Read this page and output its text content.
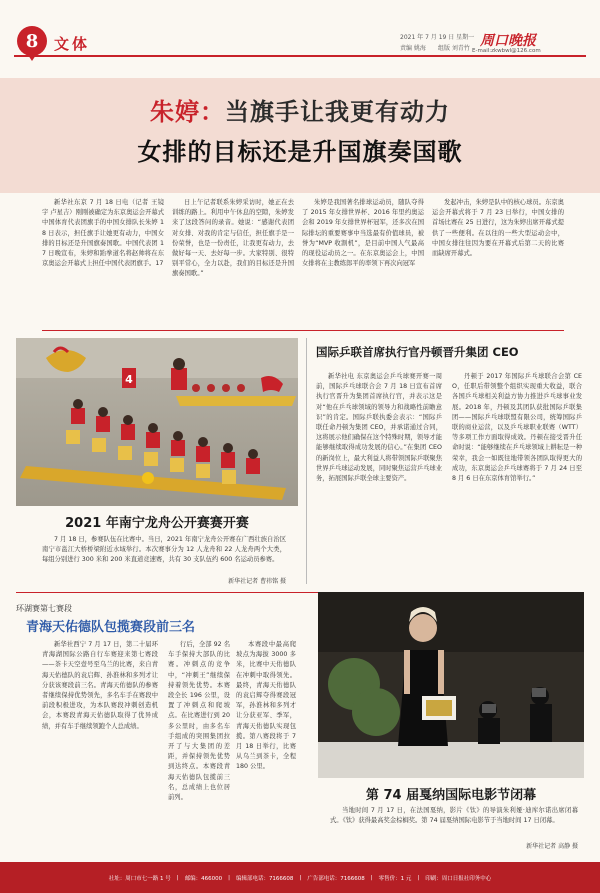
8	文体	2021 年 7 月 19 日 星期一
责编 姚海 组版 刘青竹 周口晚报
E-mail:zkwbwl@126.com
朱婷：当旗手让我更有动力
女排的目标还是升国旗奏国歌

新华社东京 7 月 18 日电（记者 王镜宇 卢星吉）刚刚被确定为东京奥运会开幕式中国体育代表团旗手的中国女排队长朱婷 18 日表示，担任旗手让她更有动力，中国女排的目标还是升国旗奏国歌。中国代表团 17 日晚宣布，朱婷和跆拳道名将赵帅将在东京奥运会开幕式上担任中国代表团旗手。17

日上午记者联系朱婷采访时，她正在去训练的路上。利用中午休息的空隙，朱婷发来了这段答问的录音。她说：“感谢代表团对女排、对我的肯定与信任，担任旗手是一份荣誉，也是一份责任，让我更有动力，去做好每一天、去好每一步。大家特别、很特别平常心，全力以赴，我们的目标还是升国旗奏国歌。”

朱婷是我国著名排球运动员，随队夺得了 2015 年女排世界杯、2016 年里约奥运会和 2019 年女排世界杯冠军，还多次在国际排坛的重要赛事中当选最有价值球员，被誉为“MVP 收割机”，是目前中国人气最高的现役运动员之一。在东京奥运会上，中国女排将在主教练郎平的率领下再次向冠军

发起冲击，朱婷是队中的核心球员。东京奥运会开幕式将于 7 月 23 日举行，中国女排的首场比赛在 25 日进行，这为朱婷出席开幕式提供了一些便利。在以往的一些大型运动会中，中国女排往往因为要在开幕式后第二天的比赛而缺席开幕式。

4
2021 年南宁龙舟公开赛赛开赛

7 月 18 日，参赛队伍在比赛中。当日，2021 年南宁龙舟公开赛在广西壮族自治区南宁市邕江大桥桥梁附近水域举行。本次赛事分为 12 人龙舟和 22 人龙舟两个大类，每组分别进行 300 米和 200 米直道竞速赛，共有 30 支队伍约 600 名运动员参赛。

新华社记者 曹祎铭 摄
国际乒联首席执行官丹顿晋升集团 CEO

新华社电 东京奥运会乒乓球赛开赛一周前，国际乒乓球联合会 7 月 18 日宣布首席执行官晋升为集团首席执行官，并表示这是对“他在乒乓球领域的领导力和战略性前瞻意识”的肯定。国际乒联执委会表示：“国际乒联任命丹顿为集团 CEO，并承诺通过合同，这将展示他们确保在这个特殊时期，领导才能能够继续取得成功发展的信心。”在集团 CEO 的新岗位上，最大利益人将带领国际乒联聚焦世界乒乓球运动发展，同时聚焦运营乒乓球业务，拓展国际乒联全球主要资产。

丹顿于 2017 年国际乒乓球联合会第 CEO，任职后带领整个组织实现重大收益，联合各国乒乓球相关利益方协力推进乒乓球事业发展。2018 年，丹顿及其团队获批国际乒联集团——国际乒乓球联盟有限公司，统筹国际乒联的商业运营，以及乒乓球职业联赛（WTT）等多项工作方面取得成效。丹顿在接受晋升任命时说：“能够继续在乒乓球领域上耕耘是一种荣幸，我会一如既往地带领各团队取得更大的成功，东京奥运会乒乓球赛将于 7 月 24 日至 8 月 6 日在东京体育馆举行。”

环湖赛第七赛段
青海天佑德队包揽赛段前三名

新华社西宁 7 月 17 日，第二十届环青海湖国际公路自行车赛迎来第七赛段——茶卡天空壹号至乌兰的比赛，来自青海天佑德队的袁启辉、孙淮林和多列才让分获该赛段前三名。青海天佑德队的参赛者继续保持优势领先，多名车手在赛段中前段积极进攻，为本队赛段冲刺创造机会，本赛段青海天佑德队取得了优异成绩，并有车手继续领跑个人总成绩。

行后，全部 92 名车手保持大部队的比赛。冲刺点的竞争中，“冲刺王”继续保持着领先优势。本赛段全长 196 公里，设置了冲刺点和爬坡点。在比赛进行到 20 多公里时，由多名车手组成的突围集团拉开了与大集团的差距，并保持领先优势到达终点。本赛段青海天佑德队包揽前三名，总成绩上也位居前列。

本赛段中最高爬坡点为海拔 3000 多米，比赛中天佑德队在冲刺中取得领先。最终，青海天佑德队的袁启辉夺得赛段冠军，孙淮林和多列才让分获亚军、季军，青海天佑德队实现包揽。第八赛段将于 7 月 18 日举行，比赛从乌兰到茶卡，全程 180 公里。

第 74 届戛纳国际电影节闭幕

当地时间 7 月 17 日，在法国戛纳，影片《钛》的导演朱利娅·迪库尔诺出席闭幕式。《钛》获得最高奖金棕榈奖。第 74 届戛纳国际电影节于当地时间 17 日闭幕。

新华社记者 高静 摄
社址：周口市七一路 1 号 | 邮编：466000 | 编辑部电话：7166608 | 广告部电话：7166608 | 零售价：1 元 | 印刷：周口日报社印务中心
